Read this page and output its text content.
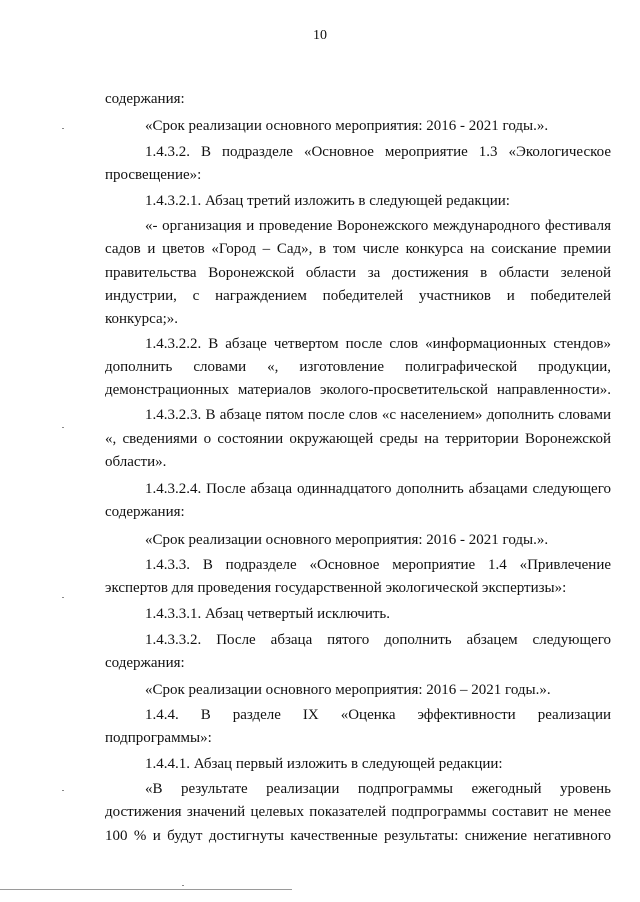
10
содержания:
«Срок реализации основного мероприятия: 2016 - 2021 годы.».
1.4.3.2. В подразделе «Основное мероприятие 1.3 «Экологическое
просвещение»:
1.4.3.2.1. Абзац третий изложить в следующей редакции:
«- организация и проведение Воронежского международного фестиваля
садов и цветов «Город – Сад», в том числе конкурса на соискание премии
правительства Воронежской области за достижения в области зеленой
индустрии, с награждением победителей участников и победителей
конкурса;».
1.4.3.2.2. В абзаце четвертом после слов «информационных стендов»
дополнить словами «, изготовление полиграфической продукции,
демонстрационных материалов эколого-просветительской направленности».
1.4.3.2.3. В абзаце пятом после слов «с населением» дополнить словами
«, сведениями о состоянии окружающей среды на территории Воронежской
области».
1.4.3.2.4. После абзаца одиннадцатого дополнить абзацами следующего
содержания:
«Срок реализации основного мероприятия: 2016 - 2021 годы.».
1.4.3.3. В подразделе «Основное мероприятие 1.4 «Привлечение
экспертов для проведения государственной экологической экспертизы»:
1.4.3.3.1. Абзац четвертый исключить.
1.4.3.3.2. После абзаца пятого дополнить абзацем следующего
содержания:
«Срок реализации основного мероприятия: 2016 – 2021 годы.».
1.4.4. В разделе IX «Оценка эффективности реализации
подпрограммы»:
1.4.4.1. Абзац первый изложить в следующей редакции:
«В результате реализации подпрограммы ежегодный уровень
достижения значений целевых показателей подпрограммы составит не менее
100 % и будут достигнуты качественные результаты: снижение негативного
